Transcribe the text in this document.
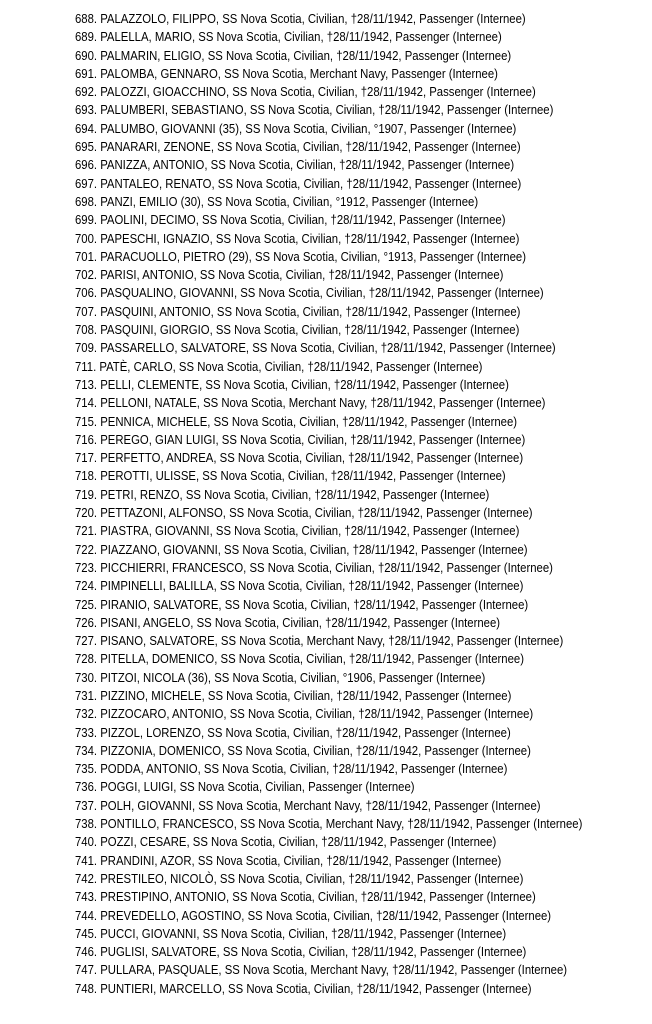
688. PALAZZOLO, FILIPPO, SS Nova Scotia, Civilian, †28/11/1942, Passenger (Internee)
689. PALELLA, MARIO, SS Nova Scotia, Civilian, †28/11/1942, Passenger (Internee)
690. PALMARIN, ELIGIO, SS Nova Scotia, Civilian, †28/11/1942, Passenger (Internee)
691. PALOMBA, GENNARO, SS Nova Scotia, Merchant Navy, Passenger (Internee)
692. PALOZZI, GIOACCHINO, SS Nova Scotia, Civilian, †28/11/1942, Passenger (Internee)
693. PALUMBERI, SEBASTIANO, SS Nova Scotia, Civilian, †28/11/1942, Passenger (Internee)
694. PALUMBO, GIOVANNI (35), SS Nova Scotia, Civilian, °1907, Passenger (Internee)
695. PANARARI, ZENONE, SS Nova Scotia, Civilian, †28/11/1942, Passenger (Internee)
696. PANIZZA, ANTONIO, SS Nova Scotia, Civilian, †28/11/1942, Passenger (Internee)
697. PANTALEO, RENATO, SS Nova Scotia, Civilian, †28/11/1942, Passenger (Internee)
698. PANZI, EMILIO (30), SS Nova Scotia, Civilian, °1912, Passenger (Internee)
699. PAOLINI, DECIMO, SS Nova Scotia, Civilian, †28/11/1942, Passenger (Internee)
700. PAPESCHI, IGNAZIO, SS Nova Scotia, Civilian, †28/11/1942, Passenger (Internee)
701. PARACUOLLO, PIETRO (29), SS Nova Scotia, Civilian, °1913, Passenger (Internee)
702. PARISI, ANTONIO, SS Nova Scotia, Civilian, †28/11/1942, Passenger (Internee)
706. PASQUALINO, GIOVANNI, SS Nova Scotia, Civilian, †28/11/1942, Passenger (Internee)
707. PASQUINI, ANTONIO, SS Nova Scotia, Civilian, †28/11/1942, Passenger (Internee)
708. PASQUINI, GIORGIO, SS Nova Scotia, Civilian, †28/11/1942, Passenger (Internee)
709. PASSARELLO, SALVATORE, SS Nova Scotia, Civilian, †28/11/1942, Passenger (Internee)
711. PATÈ, CARLO, SS Nova Scotia, Civilian, †28/11/1942, Passenger (Internee)
713. PELLI, CLEMENTE, SS Nova Scotia, Civilian, †28/11/1942, Passenger (Internee)
714. PELLONI, NATALE, SS Nova Scotia, Merchant Navy, †28/11/1942, Passenger (Internee)
715. PENNICA, MICHELE, SS Nova Scotia, Civilian, †28/11/1942, Passenger (Internee)
716. PEREGO, GIAN LUIGI, SS Nova Scotia, Civilian, †28/11/1942, Passenger (Internee)
717. PERFETTO, ANDREA, SS Nova Scotia, Civilian, †28/11/1942, Passenger (Internee)
718. PEROTTI, ULISSE, SS Nova Scotia, Civilian, †28/11/1942, Passenger (Internee)
719. PETRI, RENZO, SS Nova Scotia, Civilian, †28/11/1942, Passenger (Internee)
720. PETTAZONI, ALFONSO, SS Nova Scotia, Civilian, †28/11/1942, Passenger (Internee)
721. PIASTRA, GIOVANNI, SS Nova Scotia, Civilian, †28/11/1942, Passenger (Internee)
722. PIAZZANO, GIOVANNI, SS Nova Scotia, Civilian, †28/11/1942, Passenger (Internee)
723. PICCHIERRI, FRANCESCO, SS Nova Scotia, Civilian, †28/11/1942, Passenger (Internee)
724. PIMPINELLI, BALILLA, SS Nova Scotia, Civilian, †28/11/1942, Passenger (Internee)
725. PIRANIO, SALVATORE, SS Nova Scotia, Civilian, †28/11/1942, Passenger (Internee)
726. PISANI, ANGELO, SS Nova Scotia, Civilian, †28/11/1942, Passenger (Internee)
727. PISANO, SALVATORE, SS Nova Scotia, Merchant Navy, †28/11/1942, Passenger (Internee)
728. PITELLA, DOMENICO, SS Nova Scotia, Civilian, †28/11/1942, Passenger (Internee)
730. PITZOI, NICOLA (36), SS Nova Scotia, Civilian, °1906, Passenger (Internee)
731. PIZZINO, MICHELE, SS Nova Scotia, Civilian, †28/11/1942, Passenger (Internee)
732. PIZZOCARO, ANTONIO, SS Nova Scotia, Civilian, †28/11/1942, Passenger (Internee)
733. PIZZOL, LORENZO, SS Nova Scotia, Civilian, †28/11/1942, Passenger (Internee)
734. PIZZONIA, DOMENICO, SS Nova Scotia, Civilian, †28/11/1942, Passenger (Internee)
735. PODDA, ANTONIO, SS Nova Scotia, Civilian, †28/11/1942, Passenger (Internee)
736. POGGI, LUIGI, SS Nova Scotia, Civilian, Passenger (Internee)
737. POLH, GIOVANNI, SS Nova Scotia, Merchant Navy, †28/11/1942, Passenger (Internee)
738. PONTILLO, FRANCESCO, SS Nova Scotia, Merchant Navy, †28/11/1942, Passenger (Internee)
740. POZZI, CESARE, SS Nova Scotia, Civilian, †28/11/1942, Passenger (Internee)
741. PRANDINI, AZOR, SS Nova Scotia, Civilian, †28/11/1942, Passenger (Internee)
742. PRESTILEO, NICOLÒ, SS Nova Scotia, Civilian, †28/11/1942, Passenger (Internee)
743. PRESTIPINO, ANTONIO, SS Nova Scotia, Civilian, †28/11/1942, Passenger (Internee)
744. PREVEDELLO, AGOSTINO, SS Nova Scotia, Civilian, †28/11/1942, Passenger (Internee)
745. PUCCI, GIOVANNI, SS Nova Scotia, Civilian, †28/11/1942, Passenger (Internee)
746. PUGLISI, SALVATORE, SS Nova Scotia, Civilian, †28/11/1942, Passenger (Internee)
747. PULLARA, PASQUALE, SS Nova Scotia, Merchant Navy, †28/11/1942, Passenger (Internee)
748. PUNTIERI, MARCELLO, SS Nova Scotia, Civilian, †28/11/1942, Passenger (Internee)
